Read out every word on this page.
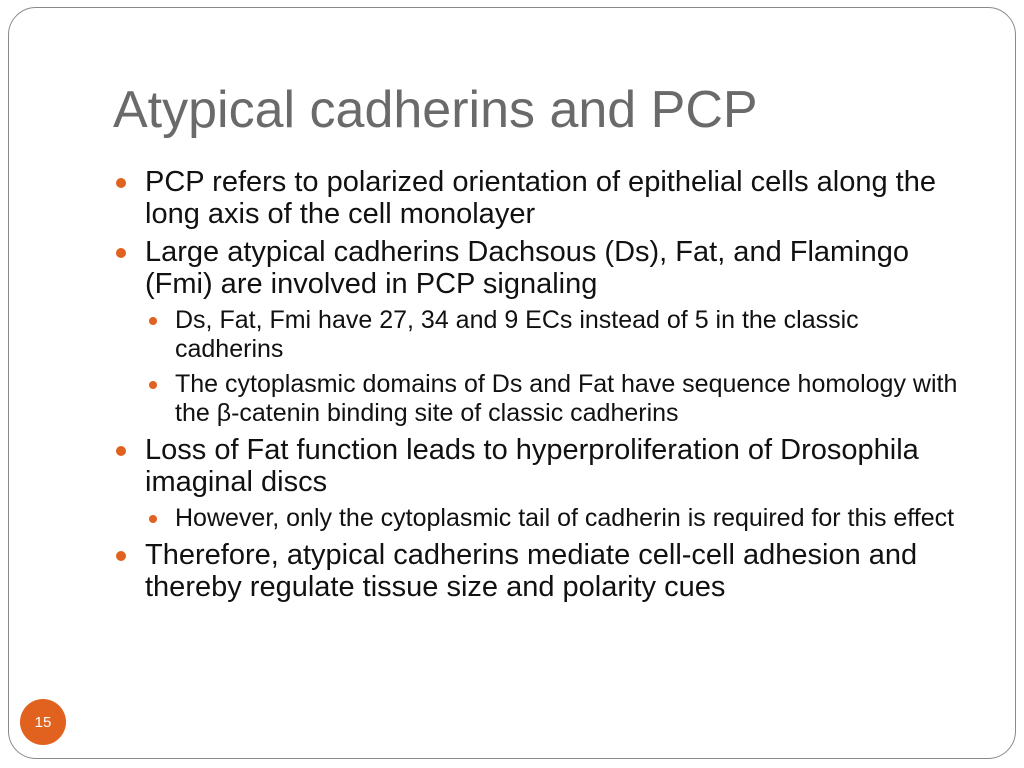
Atypical cadherins and PCP
PCP refers to polarized orientation of epithelial cells along the long axis of the cell monolayer
Large atypical cadherins Dachsous (Ds), Fat, and Flamingo (Fmi) are involved in PCP signaling
Ds, Fat, Fmi have 27, 34 and 9 ECs instead of 5 in the classic cadherins
The cytoplasmic domains of Ds and Fat have sequence homology with the β-catenin binding site of classic cadherins
Loss of Fat function leads to hyperproliferation of Drosophila imaginal discs
However, only the cytoplasmic tail of cadherin is required for this effect
Therefore, atypical cadherins mediate cell-cell adhesion and thereby regulate tissue size and polarity cues
15
